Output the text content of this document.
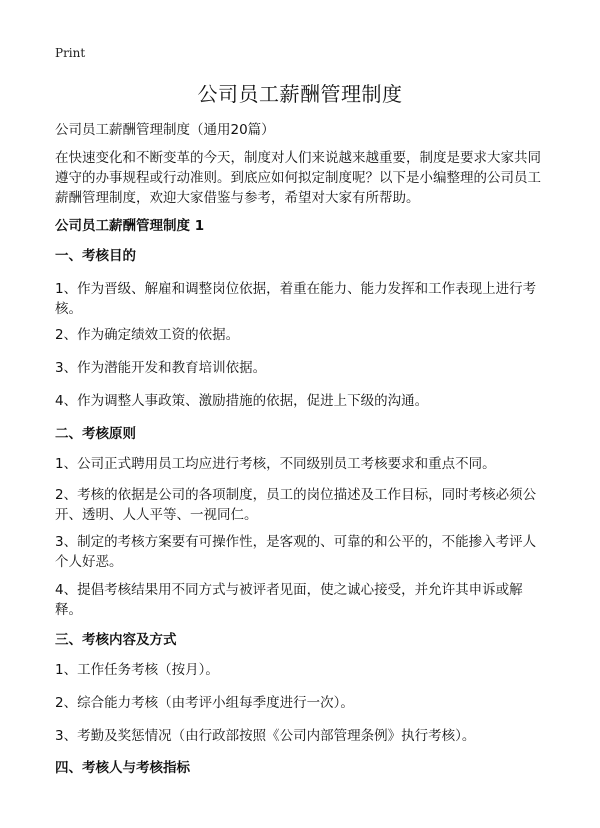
Print
公司员工薪酬管理制度

公司员工薪酬管理制度（通用20篇）

在快速变化和不断变革的今天，制度对人们来说越来越重要，制度是要求大家共同遵守的办事规程或行动准则。到底应如何拟定制度呢？以下是小编整理的公司员工薪酬管理制度，欢迎大家借鉴与参考，希望对大家有所帮助。

公司员工薪酬管理制度 1

一、考核目的

1、作为晋级、解雇和调整岗位依据，着重在能力、能力发挥和工作表现上进行考核。

2、作为确定绩效工资的依据。

3、作为潜能开发和教育培训依据。

4、作为调整人事政策、激励措施的依据，促进上下级的沟通。

二、考核原则

1、公司正式聘用员工均应进行考核，不同级别员工考核要求和重点不同。

2、考核的依据是公司的各项制度，员工的岗位描述及工作目标，同时考核必须公开、透明、人人平等、一视同仁。

3、制定的考核方案要有可操作性，是客观的、可靠的和公平的，不能掺入考评人个人好恶。

4、提倡考核结果用不同方式与被评者见面，使之诚心接受，并允许其申诉或解释。

三、考核内容及方式

1、工作任务考核（按月）。

2、综合能力考核（由考评小组每季度进行一次）。

3、考勤及奖惩情况（由行政部按照《公司内部管理条例》执行考核）。

四、考核人与考核指标
